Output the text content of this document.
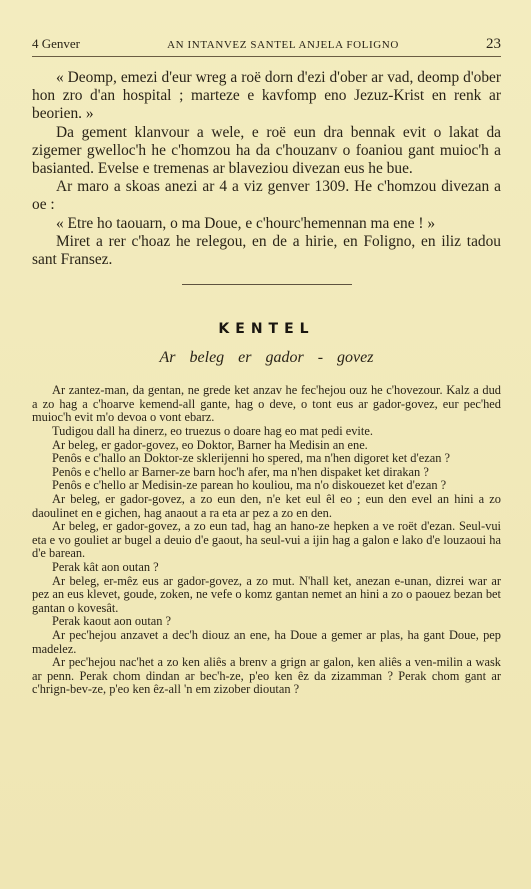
4 Genver	AN INTANVEZ SANTEL ANJELA FOLIGNO	23

« Deomp, emezi d'eur wreg a roë dorn d'ezi d'ober ar vad, deomp d'ober hon zro d'an hospital ; marteze e kavfomp eno Jezuz-Krist en renk ar beorien. »

Da gement klanvour a wele, e roë eun dra bennak evit o lakat da zigemer gwelloc'h he c'homzou ha da c'houzanv o foaniou gant muioc'h a basianted. Evelse e tremenas ar blaveziou divezan eus he bue.

Ar maro a skoas anezi ar 4 a viz genver 1309. He c'homzou divezan a oe :

« Etre ho taouarn, o ma Doue, e c'hourc'hemennan ma ene ! »

Miret a rer c'hoaz he relegou, en de a hirie, en Foligno, en iliz tadou sant Fransez.

KENTEL
Ar beleg er gador - govez

Ar zantez-man, da gentan, ne grede ket anzav he fec'hejou ouz he c'hovezour. Kalz a dud a zo hag a c'hoarve kemend-all gante, hag o deve, o tont eus ar gador-govez, eur pec'hed muioc'h evit m'o devoa o vont ebarz.

Tudigou dall ha dinerz, eo truezus o doare hag eo mat pedi evite.

Ar beleg, er gador-govez, eo Doktor, Barner ha Medisin an ene.

Penôs e c'hallo an Doktor-ze sklerijenni ho spered, ma n'hen digoret ket d'ezan ?

Penôs e c'hello ar Barner-ze barn hoc'h afer, ma n'hen dispaket ket dirakan ?

Penôs e c'hello ar Medisin-ze parean ho kouliou, ma n'o diskouezet ket d'ezan ?

Ar beleg, er gador-govez, a zo eun den, n'e ket eul êl eo ; eun den evel an hini a zo daoulinet en e gichen, hag anaout a ra eta ar pez a zo en den.

Ar beleg, er gador-govez, a zo eun tad, hag an hano-ze hepken a ve roët d'ezan. Seul-vui eta e vo gouliet ar bugel a deuio d'e gaout, ha seul-vui a ijin hag a galon e lako d'e louzaoui ha d'e barean.

Perak kât aon outan ?

Ar beleg, er-mêz eus ar gador-govez, a zo mut. N'hall ket, anezan e-unan, dizrei war ar pez an eus klevet, goude, zoken, ne vefe o komz gantan nemet an hini a zo o paouez bezan bet gantan o kovesât.

Perak kaout aon outan ?

Ar pec'hejou anzavet a dec'h diouz an ene, ha Doue a gemer ar plas, ha gant Doue, pep madelez.

Ar pec'hejou nac'het a zo ken aliês a brenv a grign ar galon, ken aliês a ven-milin a wask ar penn. Perak chom dindan ar bec'h-ze, p'eo ken êz da zizamman ? Perak chom gant ar c'hrign-bev-ze, p'eo ken êz-all 'n em zizober dioutan ?
